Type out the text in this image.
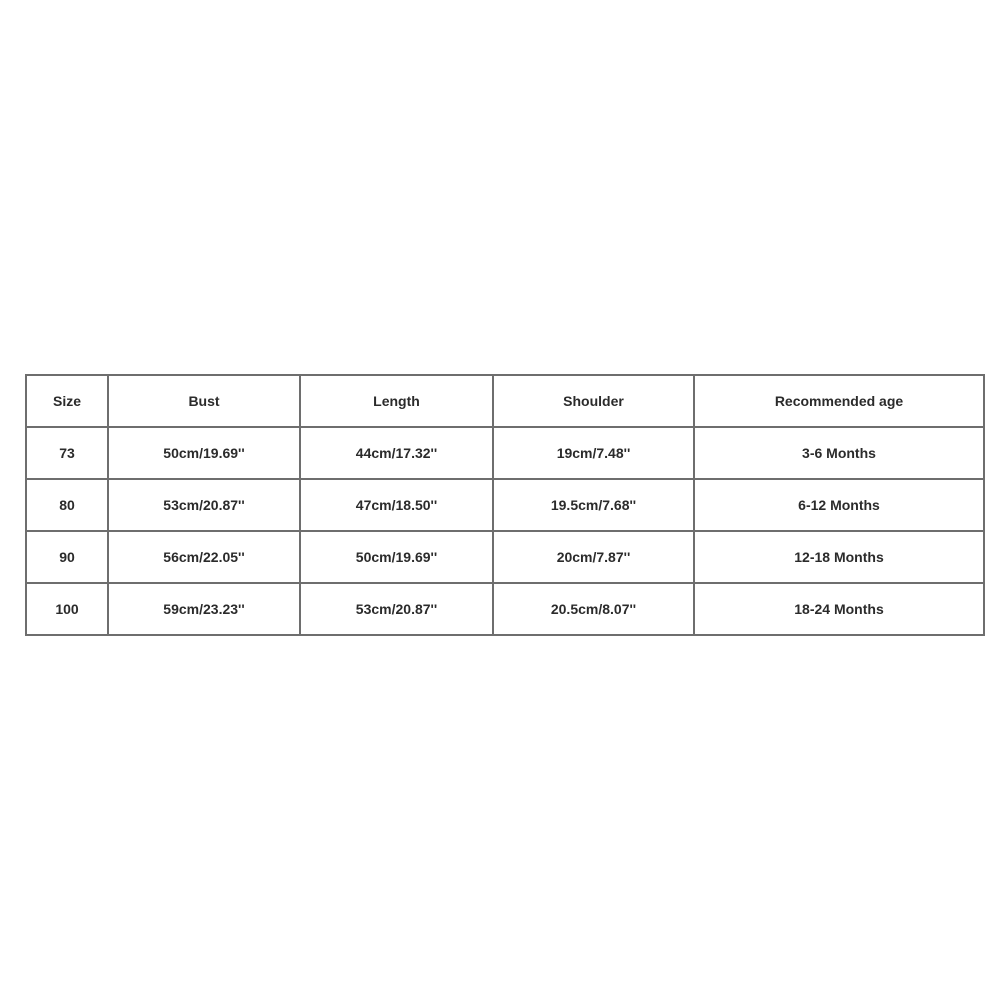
Size	Bust	Length	Shoulder	Recommended age
73	50cm/19.69''	44cm/17.32''	19cm/7.48''	3-6 Months
80	53cm/20.87''	47cm/18.50''	19.5cm/7.68''	6-12 Months
90	56cm/22.05''	50cm/19.69''	20cm/7.87''	12-18 Months
100	59cm/23.23''	53cm/20.87''	20.5cm/8.07''	18-24 Months
